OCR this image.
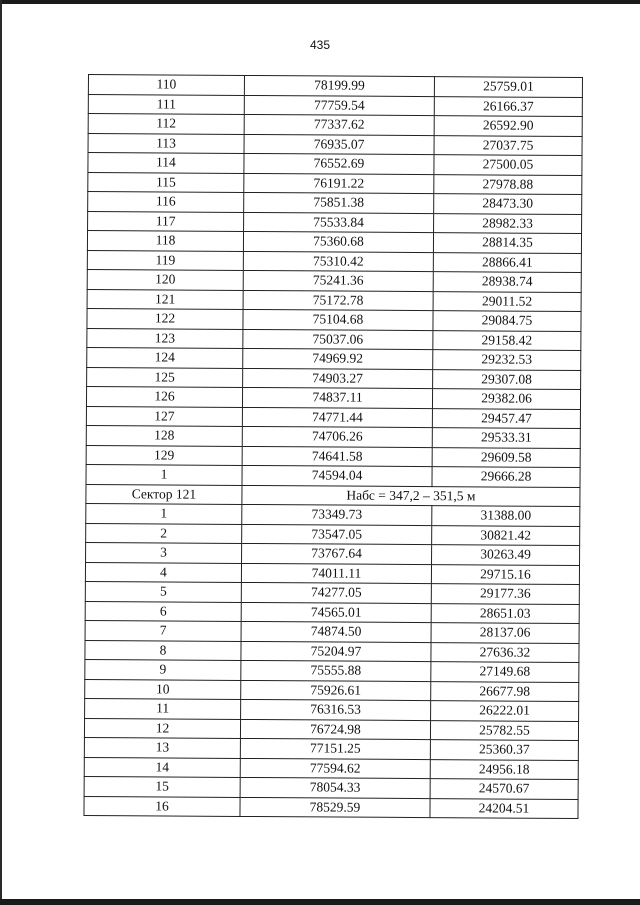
435
110	78199.99	25759.01
111	77759.54	26166.37
112	77337.62	26592.90
113	76935.07	27037.75
114	76552.69	27500.05
115	76191.22	27978.88
116	75851.38	28473.30
117	75533.84	28982.33
118	75360.68	28814.35
119	75310.42	28866.41
120	75241.36	28938.74
121	75172.78	29011.52
122	75104.68	29084.75
123	75037.06	29158.42
124	74969.92	29232.53
125	74903.27	29307.08
126	74837.11	29382.06
127	74771.44	29457.47
128	74706.26	29533.31
129	74641.58	29609.58
1	74594.04	29666.28
Сектор 121	Набс = 347,2 – 351,5 м	
1	73349.73	31388.00
2	73547.05	30821.42
3	73767.64	30263.49
4	74011.11	29715.16
5	74277.05	29177.36
6	74565.01	28651.03
7	74874.50	28137.06
8	75204.97	27636.32
9	75555.88	27149.68
10	75926.61	26677.98
11	76316.53	26222.01
12	76724.98	25782.55
13	77151.25	25360.37
14	77594.62	24956.18
15	78054.33	24570.67
16	78529.59	24204.51
